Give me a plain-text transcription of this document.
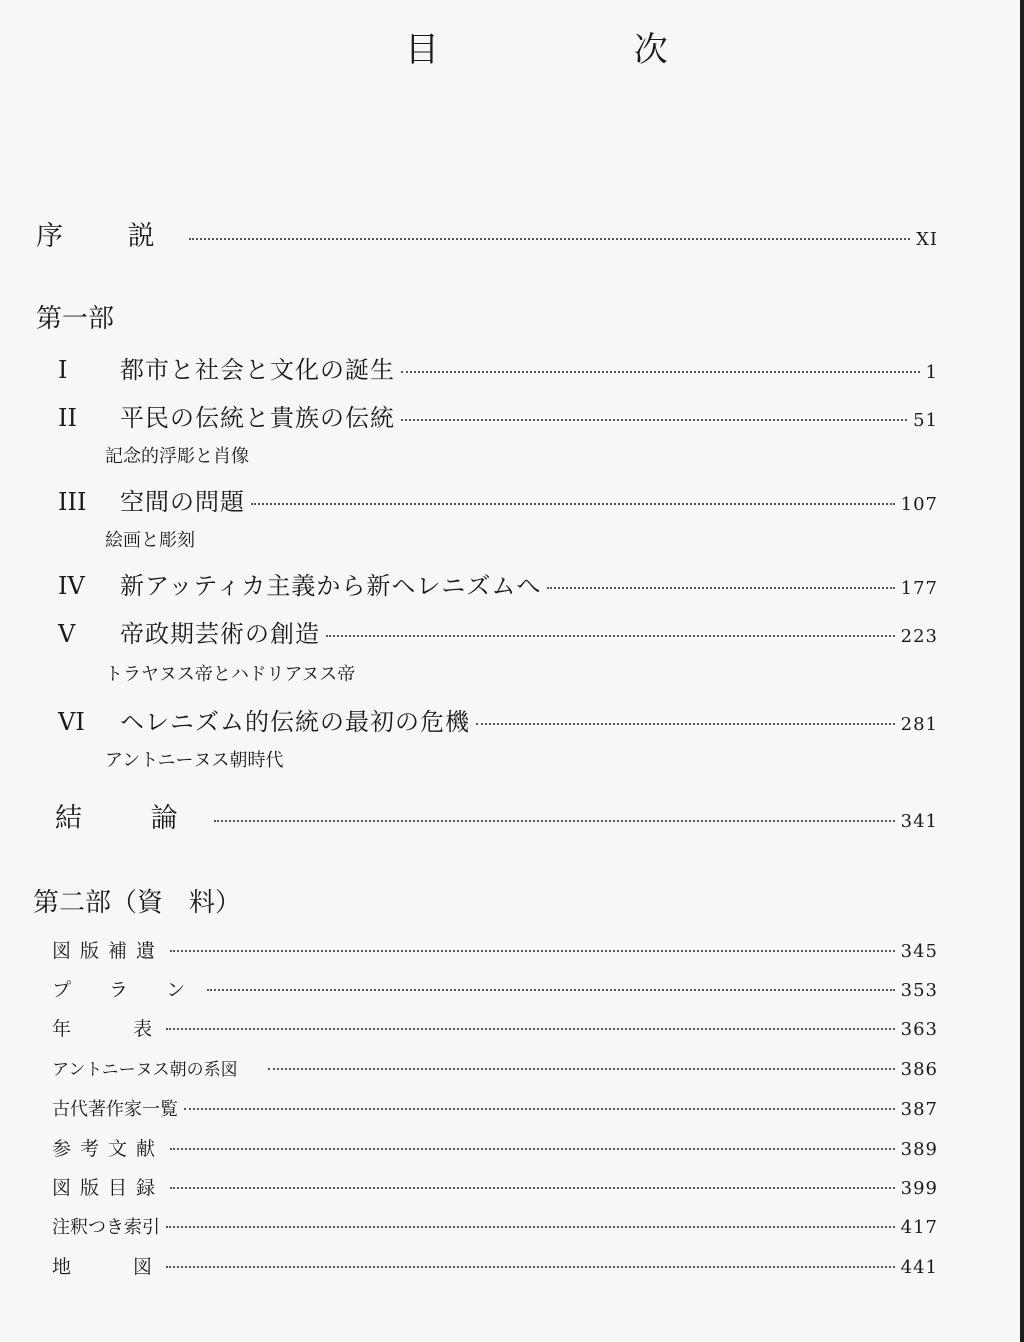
目 次
序 説	XI
第一部
I	都市と社会と文化の誕生	1
II	平民の伝統と貴族の伝統	51
記念的浮彫と肖像
III	空間の問題	107
絵画と彫刻
IV	新アッティカ主義から新ヘレニズムへ	177
V	帝政期芸術の創造	223
トラヤヌス帝とハドリアヌス帝
VI	ヘレニズム的伝統の最初の危機	281
アントニーヌス朝時代
結 論	341
第二部（資　料）
図版補遺	345
プ ラ ン	353
年　　表	363
アントニーヌス朝の系図	386
古代著作家一覧	387
参考文献	389
図版目録	399
注釈つき索引	417
地　　図	441
